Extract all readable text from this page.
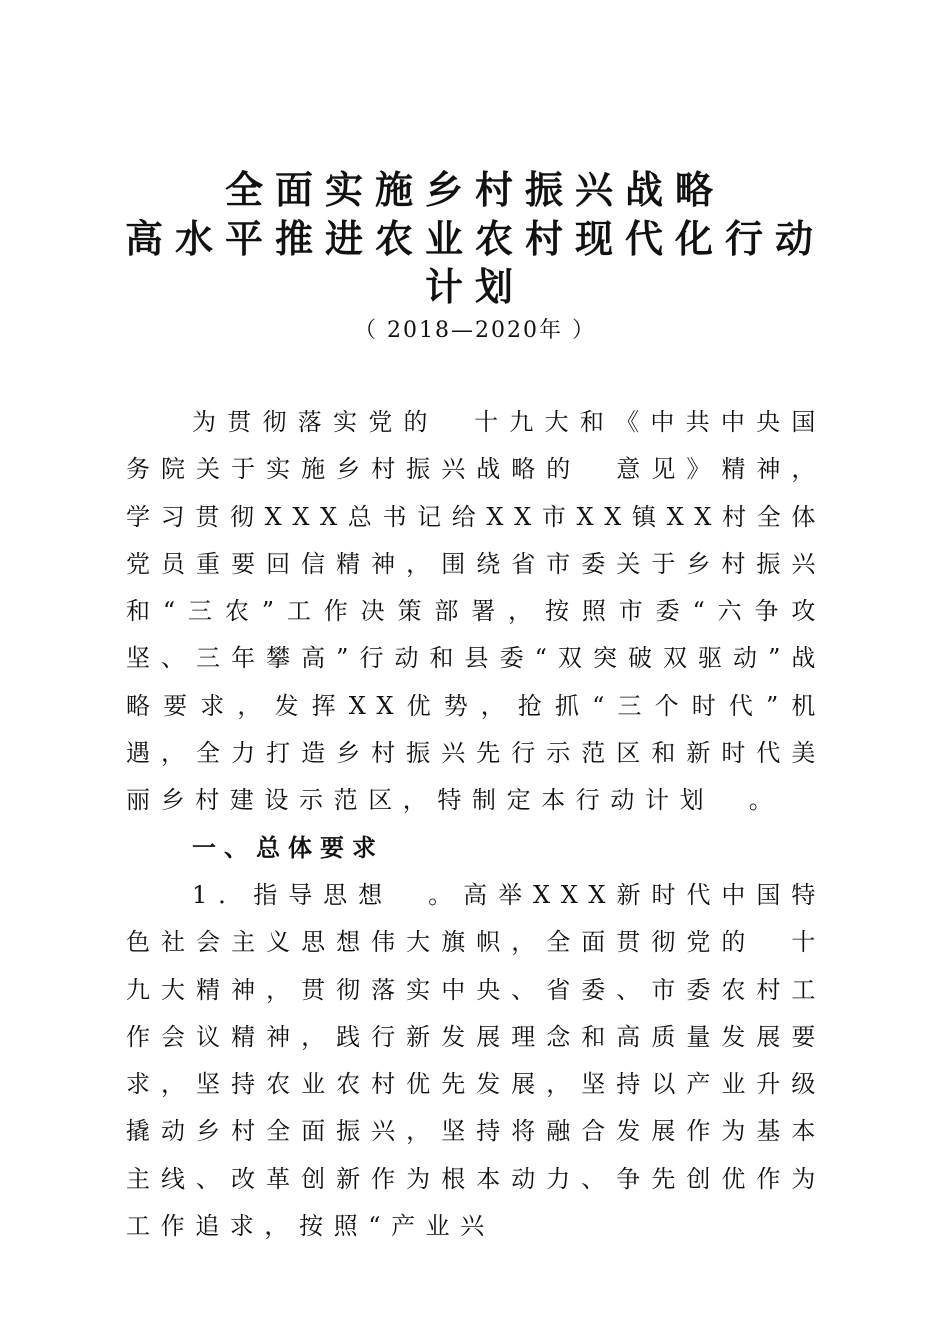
全面实施乡村振兴战略
高水平推进农业农村现代化行动
计划
（ 2018—2020年 ）

为贯彻落实党的　十九大和《中共中央国务院关于实施乡村振兴战略的　意见》精神，学习贯彻XXX总书记给XX市XX镇XX村全体党员重要回信精神，围绕省市委关于乡村振兴和“三农”工作决策部署，按照市委“六争攻坚、三年攀高”行动和县委“双突破双驱动”战略要求，发挥XX优势，抢抓“三个时代”机遇，全力打造乡村振兴先行示范区和新时代美丽乡村建设示范区，特制定本行动计划　。

一、总体要求

1．指导思想　。高举XXX新时代中国特色社会主义思想伟大旗帜，全面贯彻党的　十九大精神，贯彻落实中央、省委、市委农村工作会议精神，践行新发展理念和高质量发展要求，坚持农业农村优先发展，坚持以产业升级撬动乡村全面振兴，坚持将融合发展作为基本主线、改革创新作为根本动力、争先创优作为工作追求，按照“产业兴
